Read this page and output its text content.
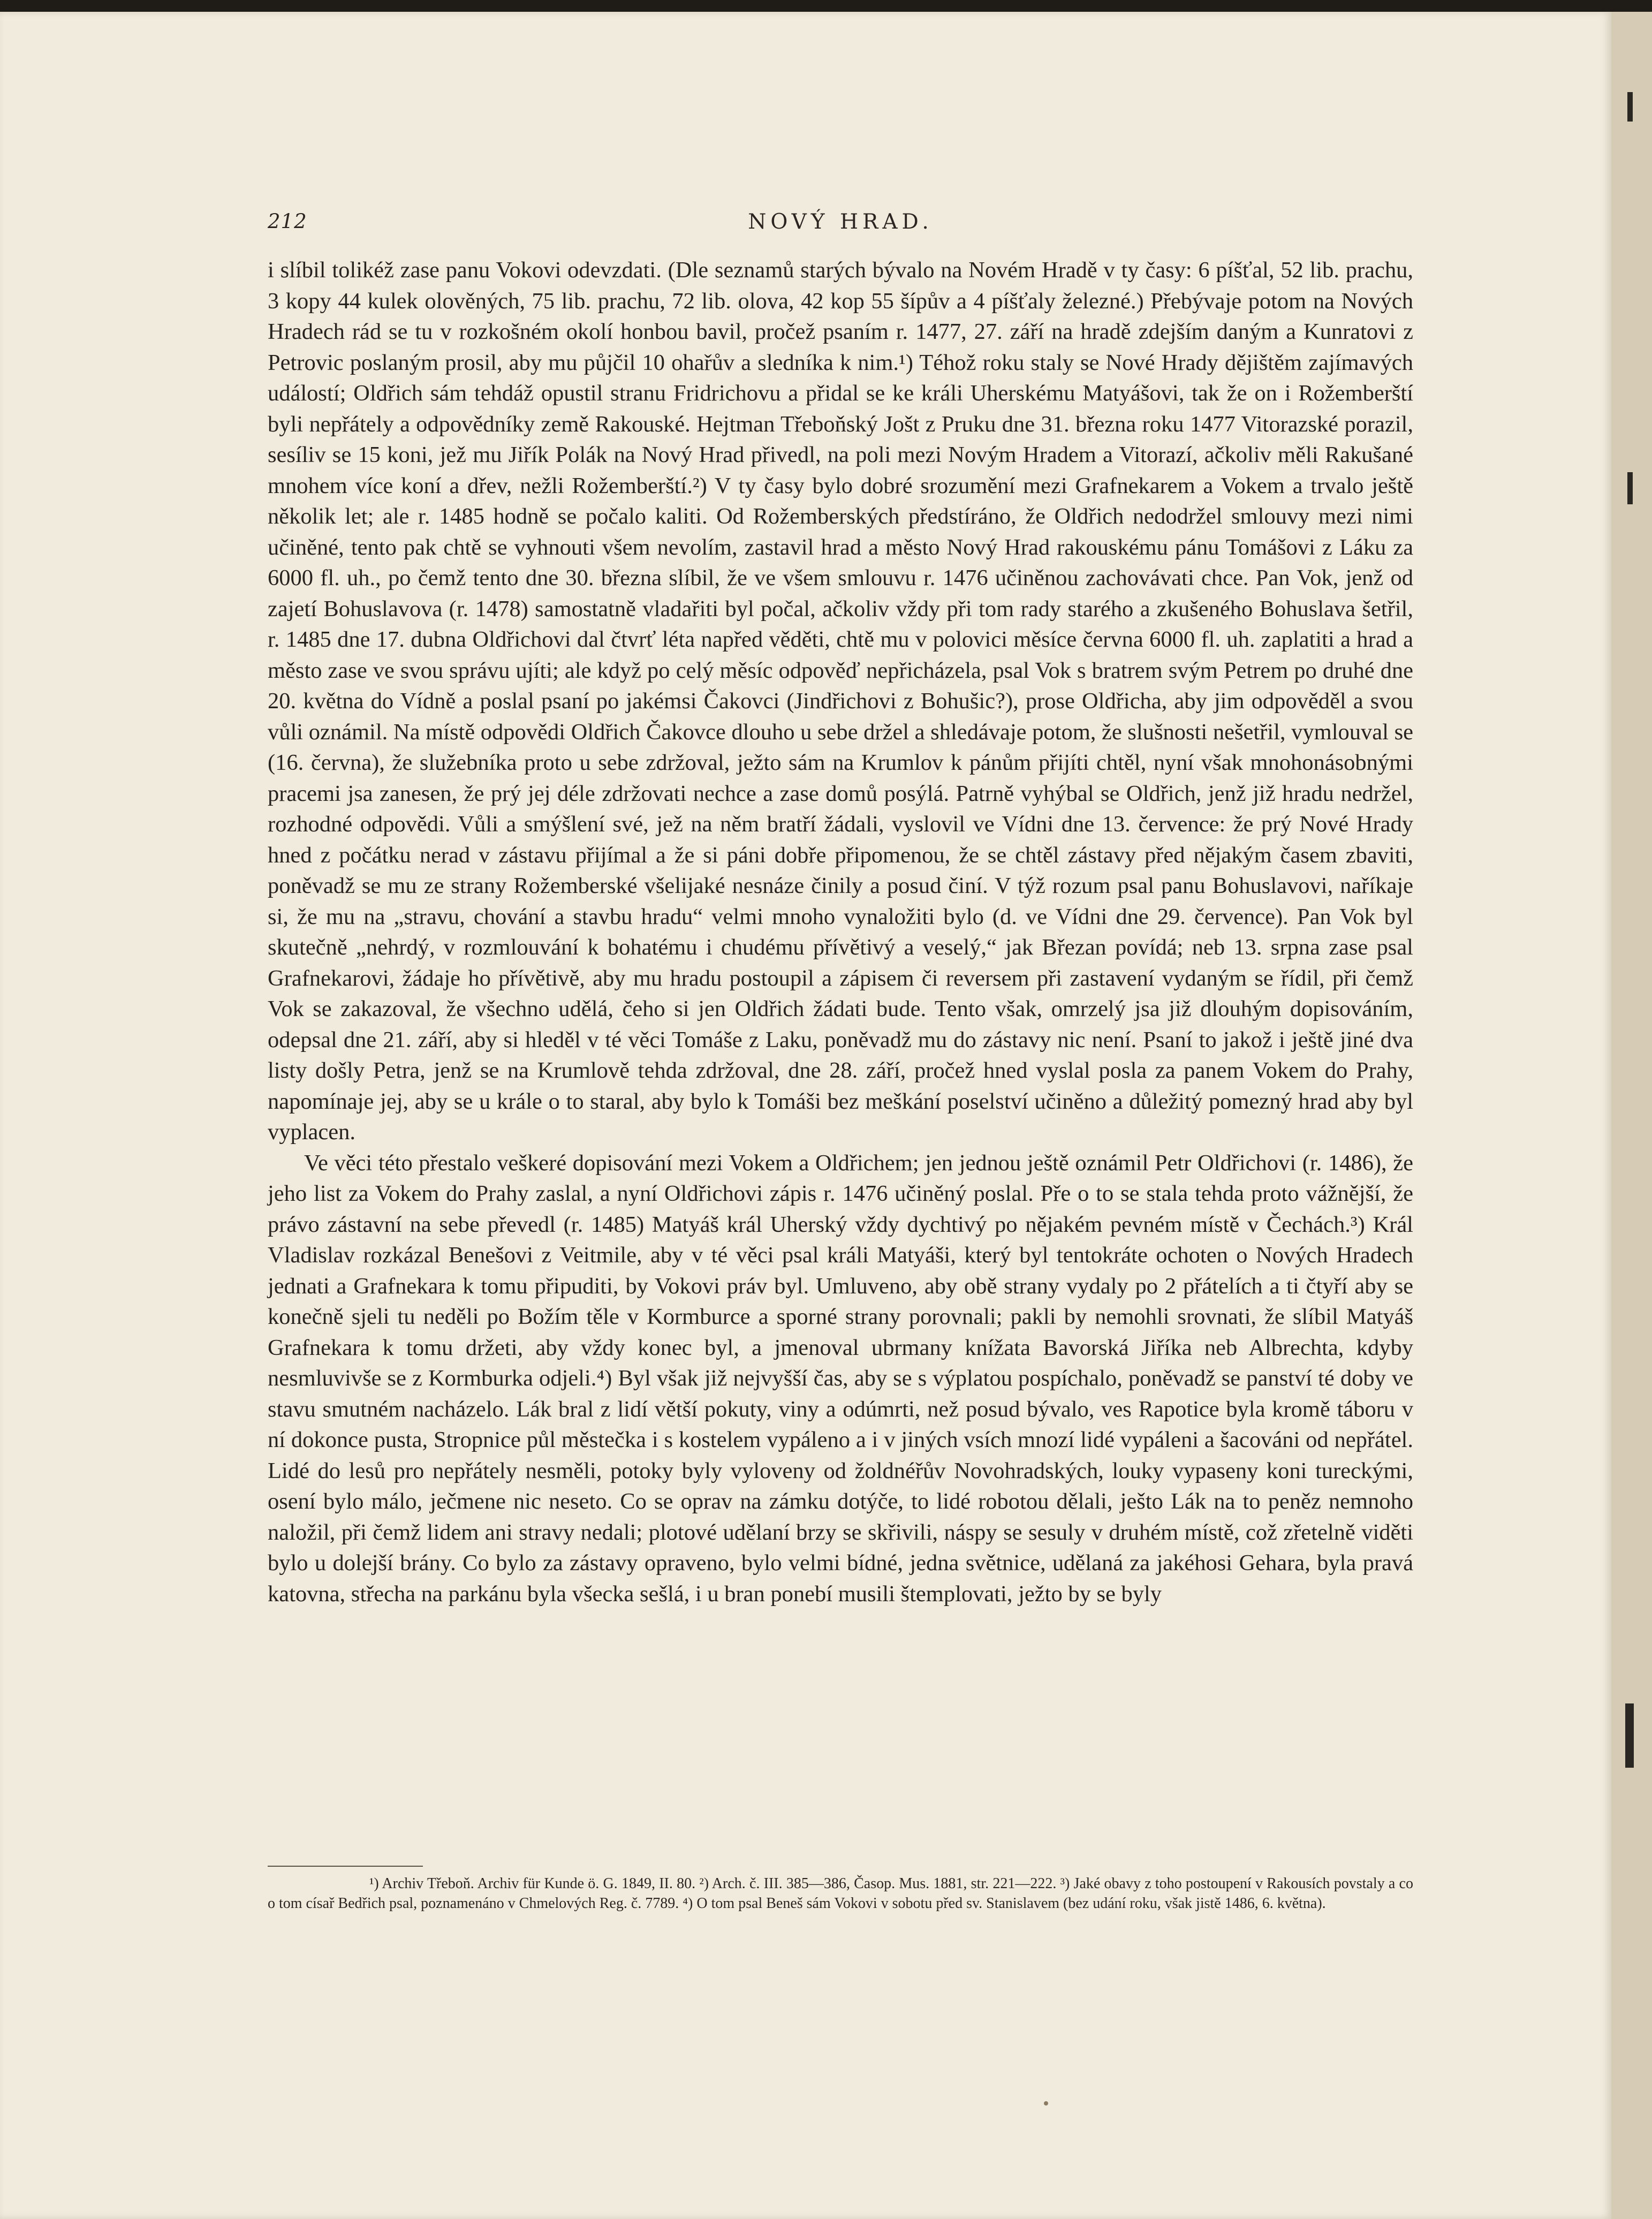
212	NOVÝ HRAD.

i slíbil tolikéž zase panu Vokovi odevzdati. (Dle seznamů starých bývalo na Novém Hradě v ty časy: 6 píšťal, 52 lib. prachu, 3 kopy 44 kulek olověných, 75 lib. prachu, 72 lib. olova, 42 kop 55 šípův a 4 píšťaly železné.) Přebývaje potom na Nových Hradech rád se tu v rozkošném okolí honbou bavil, pročež psaním r. 1477, 27. září na hradě zdejším daným a Kunratovi z Petrovic poslaným prosil, aby mu půjčil 10 ohařův a sledníka k nim.¹) Téhož roku staly se Nové Hrady dějištěm zajímavých událostí; Oldřich sám tehdáž opustil stranu Fridrichovu a přidal se ke králi Uherskému Matyášovi, tak že on i Rožemberští byli nepřátely a odpovědníky země Rakouské. Hejtman Třeboňský Jošt z Pruku dne 31. března roku 1477 Vitorazské porazil, sesíliv se 15 koni, jež mu Jiřík Polák na Nový Hrad přivedl, na poli mezi Novým Hradem a Vitorazí, ačkoliv měli Rakušané mnohem více koní a dřev, nežli Rožemberští.²) V ty časy bylo dobré srozumění mezi Grafnekarem a Vokem a trvalo ještě několik let; ale r. 1485 hodně se počalo kaliti. Od Rožemberských předstíráno, že Oldřich nedodržel smlouvy mezi nimi učiněné, tento pak chtě se vyhnouti všem nevolím, zastavil hrad a město Nový Hrad rakouskému pánu Tomášovi z Láku za 6000 fl. uh., po čemž tento dne 30. března slíbil, že ve všem smlouvu r. 1476 učiněnou zachovávati chce. Pan Vok, jenž od zajetí Bohuslavova (r. 1478) samostatně vladařiti byl počal, ačkoliv vždy při tom rady starého a zkušeného Bohuslava šetřil, r. 1485 dne 17. dubna Oldřichovi dal čtvrť léta napřed věděti, chtě mu v polovici měsíce června 6000 fl. uh. zaplatiti a hrad a město zase ve svou správu ujíti; ale když po celý měsíc odpověď nepřicházela, psal Vok s bratrem svým Petrem po druhé dne 20. května do Vídně a poslal psaní po jakémsi Čakovci (Jindřichovi z Bohušic?), prose Oldřicha, aby jim odpověděl a svou vůli oznámil. Na místě odpovědi Oldřich Čakovce dlouho u sebe držel a shledávaje potom, že slušnosti nešetřil, vymlouval se (16. června), že služebníka proto u sebe zdržoval, ježto sám na Krumlov k pánům přijíti chtěl, nyní však mnohonásobnými pracemi jsa zanesen, že prý jej déle zdržovati nechce a zase domů posýlá. Patrně vyhýbal se Oldřich, jenž již hradu nedržel, rozhodné odpovědi. Vůli a smýšlení své, jež na něm bratří žádali, vyslovil ve Vídni dne 13. července: že prý Nové Hrady hned z počátku nerad v zástavu přijímal a že si páni dobře připomenou, že se chtěl zástavy před nějakým časem zbaviti, poněvadž se mu ze strany Rožemberské všelijaké nesnáze činily a posud činí. V týž rozum psal panu Bohuslavovi, naříkaje si, že mu na „stravu, chování a stavbu hradu“ velmi mnoho vynaložiti bylo (d. ve Vídni dne 29. července). Pan Vok byl skutečně „nehrdý, v rozmlouvání k bohatému i chudému přívětivý a veselý,“ jak Březan povídá; neb 13. srpna zase psal Grafnekarovi, žádaje ho přívětivě, aby mu hradu postoupil a zápisem či reversem při zastavení vydaným se řídil, při čemž Vok se zakazoval, že všechno udělá, čeho si jen Oldřich žádati bude. Tento však, omrzelý jsa již dlouhým dopisováním, odepsal dne 21. září, aby si hleděl v té věci Tomáše z Laku, poněvadž mu do zástavy nic není. Psaní to jakož i ještě jiné dva listy došly Petra, jenž se na Krumlově tehda zdržoval, dne 28. září, pročež hned vyslal posla za panem Vokem do Prahy, napomínaje jej, aby se u krále o to staral, aby bylo k Tomáši bez meškání poselství učiněno a důležitý pomezný hrad aby byl vyplacen.

Ve věci této přestalo veškeré dopisování mezi Vokem a Oldřichem; jen jednou ještě oznámil Petr Oldřichovi (r. 1486), že jeho list za Vokem do Prahy zaslal, a nyní Oldřichovi zápis r. 1476 učiněný poslal. Pře o to se stala tehda proto vážnější, že právo zástavní na sebe převedl (r. 1485) Matyáš král Uherský vždy dychtivý po nějakém pevném místě v Čechách.³) Král Vladislav rozkázal Benešovi z Veitmile, aby v té věci psal králi Matyáši, který byl tentokráte ochoten o Nových Hradech jednati a Grafnekara k tomu připuditi, by Vokovi práv byl. Umluveno, aby obě strany vydaly po 2 přátelích a ti čtyří aby se konečně sjeli tu neděli po Božím těle v Kormburce a sporné strany porovnali; pakli by nemohli srovnati, že slíbil Matyáš Grafnekara k tomu držeti, aby vždy konec byl, a jmenoval ubrmany knížata Bavorská Jiříka neb Albrechta, kdyby nesmluvivše se z Kormburka odjeli.⁴) Byl však již nejvyšší čas, aby se s výplatou pospíchalo, poněvadž se panství té doby ve stavu smutném nacházelo. Lák bral z lidí větší pokuty, viny a odúmrti, než posud bývalo, ves Rapotice byla kromě táboru v ní dokonce pusta, Stropnice půl městečka i s kostelem vypáleno a i v jiných vsích mnozí lidé vypáleni a šacováni od nepřátel. Lidé do lesů pro nepřátely nesměli, potoky byly vyloveny od žoldnéřův Novohradských, louky vypaseny koni tureckými, osení bylo málo, ječmene nic neseto. Co se oprav na zámku dotýče, to lidé robotou dělali, ješto Lák na to peněz nemnoho naložil, při čemž lidem ani stravy nedali; plotové udělaní brzy se skřivili, náspy se sesuly v druhém místě, což zřetelně viděti bylo u dolejší brány. Co bylo za zástavy opraveno, bylo velmi bídné, jedna světnice, udělaná za jakéhosi Gehara, byla pravá katovna, střecha na parkánu byla všecka sešlá, i u bran ponebí musili štemplovati, ježto by se byly

¹) Archiv Třeboň. Archiv für Kunde ö. G. 1849, II. 80. ²) Arch. č. III. 385—386, Časop. Mus. 1881, str. 221—222. ³) Jaké obavy z toho postoupení v Rakousích povstaly a co o tom císař Bedřich psal, poznamenáno v Chmelových Reg. č. 7789. ⁴) O tom psal Beneš sám Vokovi v sobotu před sv. Stanislavem (bez udání roku, však jistě 1486, 6. května).
